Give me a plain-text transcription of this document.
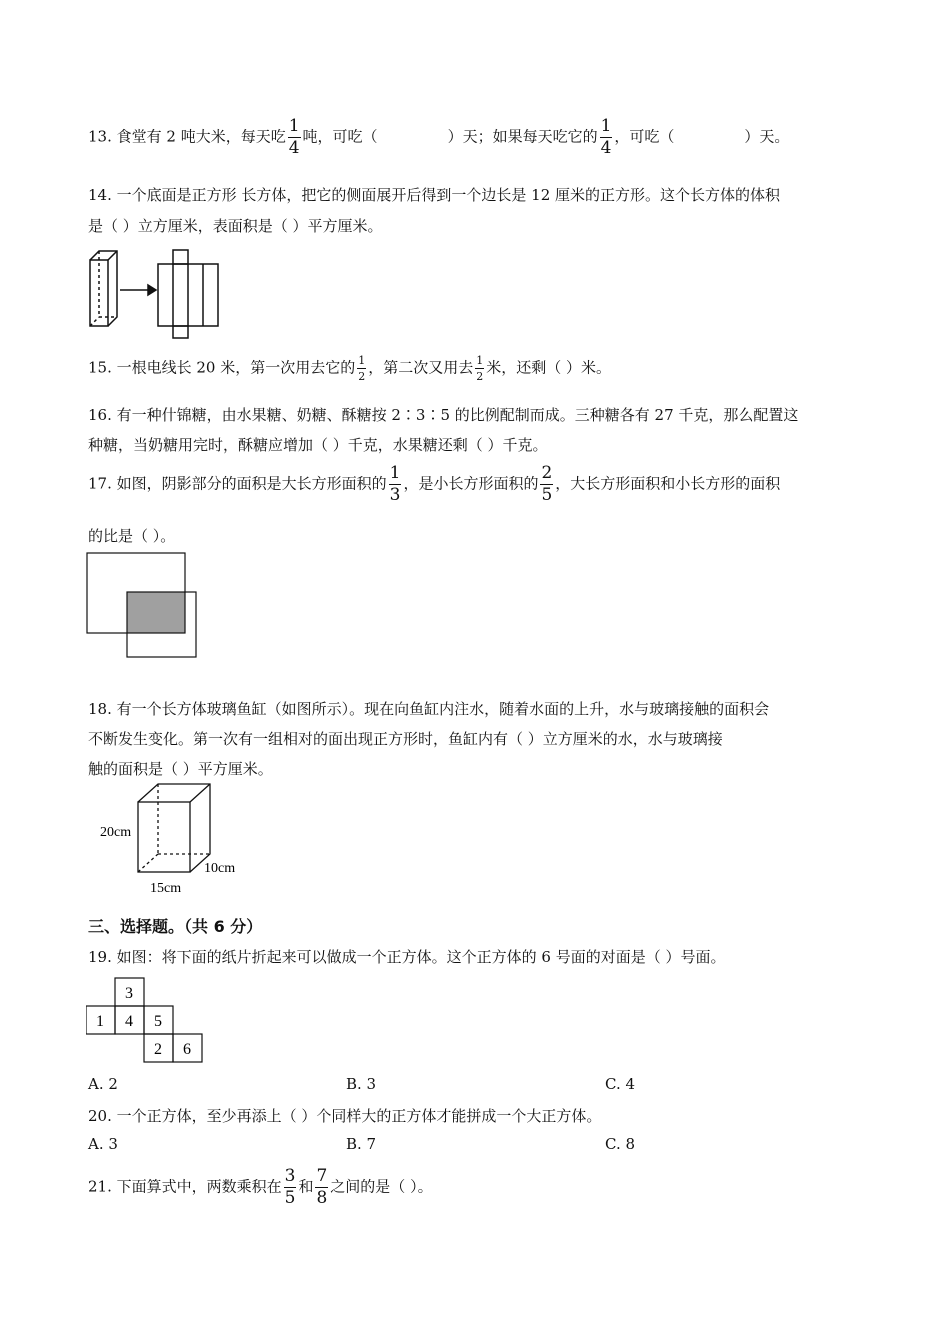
13. 食堂有 2 吨大米，每天吃 $\frac{1}{4}$ 吨，可吃（	）天；如果每天吃它的 $\frac{1}{4}$ ，可吃（	）天。
14. 一个底面是正方形 长方体，把它的侧面展开后得到一个边长是 12 厘米的正方形。这个长方体的体积
是（ ）立方厘米，表面积是（ ）平方厘米。
15. 一根电线长 20 米，第一次用去它的 $\frac{1}{2}$ ，第二次又用去 $\frac{1}{2}$ 米，还剩（ ）米。
16. 有一种什锦糖，由水果糖、奶糖、酥糖按 2∶3∶5 的比例配制而成。三种糖各有 27 千克，那么配置这
种糖，当奶糖用完时，酥糖应增加（ ）千克，水果糖还剩（ ）千克。
17. 如图，阴影部分的面积是大长方形面积的 $\frac{1}{3}$ ，是小长方形面积的 $\frac{2}{5}$ ，大长方形面积和小长方形的面积
的比是（ ）。
18. 有一个长方体玻璃鱼缸（如图所示）。现在向鱼缸内注水，随着水面的上升，水与玻璃接触的面积会
不断发生变化。第一次有一组相对的面出现正方形时，鱼缸内有（ ）立方厘米的水，水与玻璃接
触的面积是（ ）平方厘米。
20cm
10cm
15cm
三、选择题。（共 6 分）
19. 如图：将下面的纸片折起来可以做成一个正方体。这个正方体的 6 号面的对面是（ ）号面。
3
1 4 5
2 6
A. 2	B. 3	C. 4
20. 一个正方体，至少再添上（ ）个同样大的正方体才能拼成一个大正方体。
A. 3	B. 7	C. 8
21. 下面算式中，两数乘积在 $\frac{3}{5}$ 和 $\frac{7}{8}$ 之间的是（ ）。
